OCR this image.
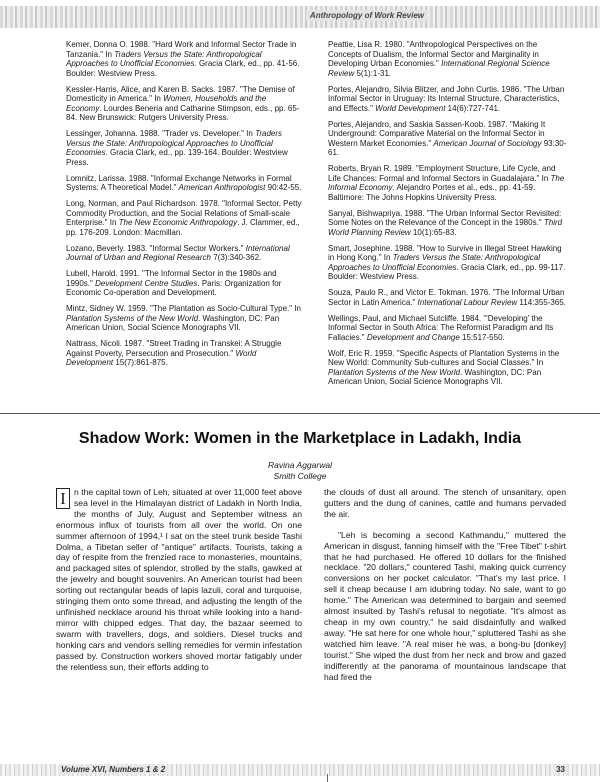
Anthropology of Work Review

Kemer, Donna O. 1988. "Hard Work and Informal Sector Trade in Tanzania." In Traders Versus the State: Anthropological Approaches to Unofficial Economies. Gracia Clark, ed., pp. 41-56. Boulder: Westview Press.

Kessler-Harris, Alice, and Karen B. Sacks. 1987. "The Demise of Domesticity in America." In Women, Households and the Economy. Lourdes Beneria and Catharine Stimpson, eds., pp. 65-84. New Brunswick: Rutgers University Press.

Lessinger, Johanna. 1988. "Trader vs. Developer." In Traders Versus the State: Anthropological Approaches to Unofficial Economies. Gracia Clark, ed., pp. 139-164. Boulder: Westview Press.

Lomnitz, Larissa. 1988. "Informal Exchange Networks in Formal Systems: A Theoretical Model." American Anthropologist 90:42-55.

Long, Norman, and Paul Richardson. 1978. "Informal Sector, Petty Commodity Production, and the Social Relations of Small-scale Enterprise." In The New Economic Anthropology. J. Clammer, ed., pp. 176-209. London: Macmillan.

Lozano, Beverly. 1983. "Informal Sector Workers." International Journal of Urban and Regional Research 7(3):340-362.

Lubell, Harold. 1991. "The Informal Sector in the 1980s and 1990s." Development Centre Studies. Paris: Organization for Economic Co-operation and Development.

Mintz, Sidney W. 1959. "The Plantation as Socio-Cultural Type." In Plantation Systems of the New World. Washington, DC: Pan American Union, Social Science Monographs VII.

Nattrass, Nicoli. 1987. "Street Trading in Transkei: A Struggle Against Poverty, Persecution and Prosecution." World Development 15(7):861-875.

Peattie, Lisa R. 1980. "Anthropological Perspectives on the Concepts of Dualism, the Informal Sector and Marginality in Developing Urban Economies." International Regional Science Review 5(1):1-31.

Portes, Alejandro, Silvia Blitzer, and John Curtis. 1986. "The Urban Informal Sector in Uruguay: Its Internal Structure, Characteristics, and Effects." World Development 14(6):727-741.

Portes, Alejandro, and Saskia Sassen-Koob. 1987. "Making It Underground: Comparative Material on the Informal Sector in Western Market Economies." American Journal of Sociology 93:30-61.

Roberts, Bryan R. 1989. "Employment Structure, Life Cycle, and Life Chances: Formal and Informal Sectors in Guadalajara." In The Informal Economy. Alejandro Portes et al., eds., pp. 41-59. Baltimore: The Johns Hopkins University Press.

Sanyal, Bishwapriya. 1988. "The Urban Informal Sector Revisited: Some Notes on the Relevance of the Concept in the 1980s." Third World Planning Review 10(1):65-83.

Smart, Josephine. 1988. "How to Survive in Illegal Street Hawking in Hong Kong." In Traders Versus the State: Anthropological Approaches to Unofficial Economies. Gracia Clark, ed., pp. 99-117. Boulder: Westview Press.

Souza, Paulo R., and Victor E. Tokman. 1976. "The Informal Urban Sector in Latin America." International Labour Review 114:355-365.

Wellings, Paul, and Michael Sutcliffe. 1984. "'Developing' the Informal Sector in South Africa: The Reformist Paradigm and Its Fallacies." Development and Change 15:517-550.

Wolf, Eric R. 1959. "Specific Aspects of Plantation Systems in the New World: Community Sub-cultures and Social Classes." In Plantation Systems of the New World. Washington, DC: Pan American Union, Social Science Monographs VII.

Shadow Work: Women in the Marketplace in Ladakh, India
Ravina Aggarwal
Smith College

I n the capital town of Leh, situated at over 11,000 feet above sea level in the Himalayan district of Ladakh in North India, the months of July, August and September witness an enormous influx of tourists from all over the world. On one summer afternoon of 1994,¹ I sat on the steel trunk beside Tashi Dolma, a Tibetan seller of "antique" artifacts. Tourists, taking a day of respite from the frenzied race to monasteries, mountains, and packaged sites of splendor, strolled by the stalls, gawked at the jewelry and bought souvenirs. An American tourist had been sorting out rectangular beads of lapis lazuli, coral and turquoise, stringing them onto some thread, and adjusting the length of the unfinished necklace around his throat while looking into a hand-mirror with chipped edges. That day, the bazaar seemed to swarm with travellers, dogs, and soldiers. Diesel trucks and honking cars and vendors selling remedies for vermin infestation passed by. Construction workers shoved mortar fatigably under the relentless sun, their efforts adding to

the clouds of dust all around. The stench of unsanitary, open gutters and the dung of canines, cattle and humans pervaded the air.

"Leh is becoming a second Kathmandu," muttered the American in disgust, fanning himself with the "Free Tibet" t-shirt that he had purchased. He offered 10 dollars for the finished necklace. "20 dollars," countered Tashi, making quick currency conversions on her pocket calculator. "That's my last price. I sell it cheap because I am idubring today. No sale, want to go home." The American was determined to bargain and seemed almost insulted by Tashi's refusal to negotiate. "It's almost as cheap in my own country," he said disdainfully and walked away. "He sat here for one whole hour," spluttered Tashi as she watched him leave. "A real miser he was, a bong-bu [donkey] tourist." She wiped the dust from her neck and brow and gazed indifferently at the panorama of mountainous landscape that had fired the

Volume XVI, Numbers 1 & 2	33
